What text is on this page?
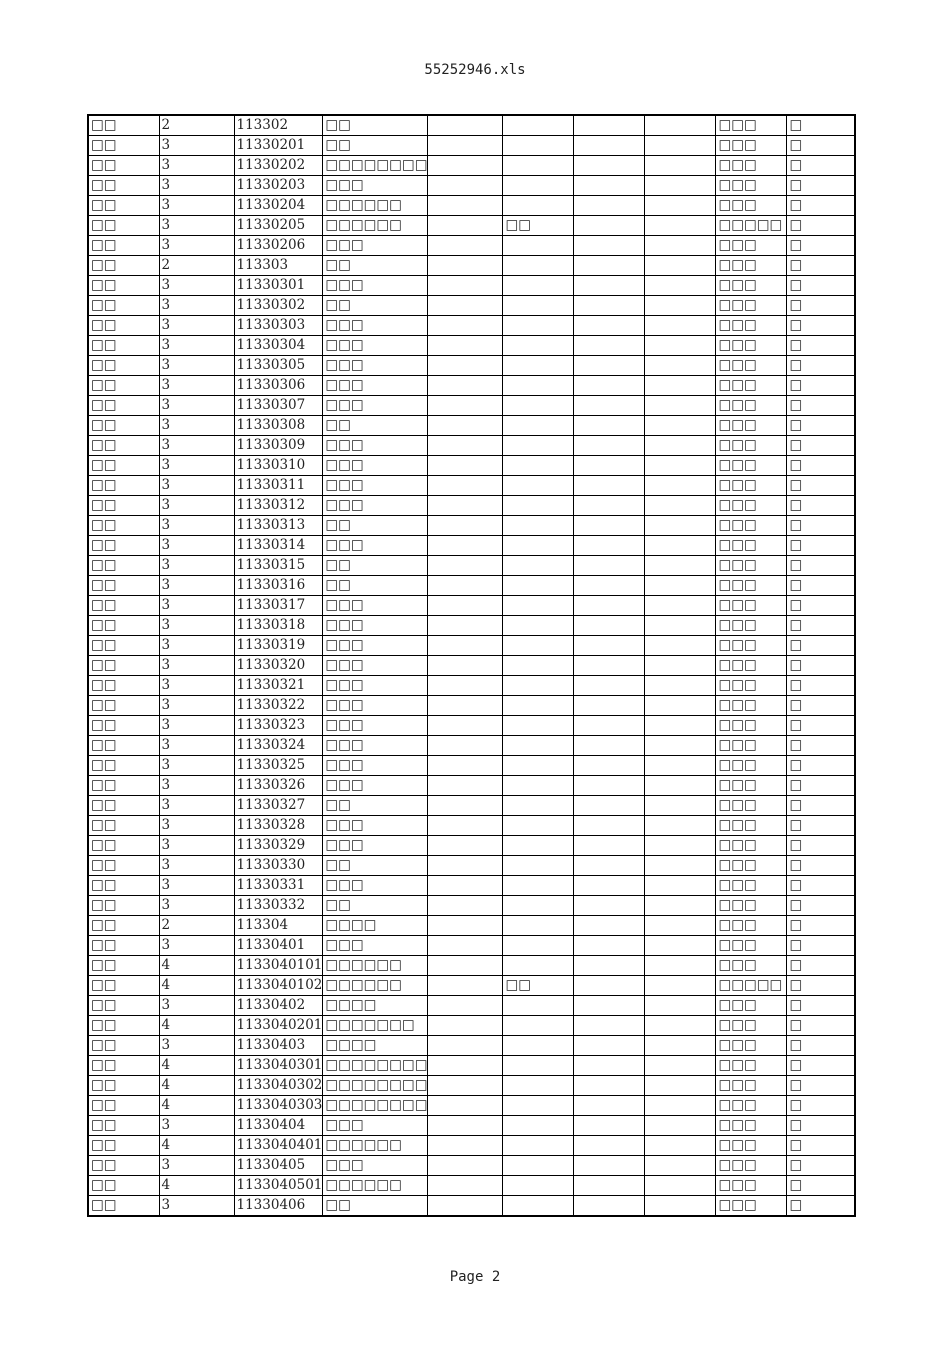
55252946.xls
□□	2	113302	□□					□□□	□
□□	3	11330201	□□					□□□	□
□□	3	11330202	□□□□□□□□					□□□	□
□□	3	11330203	□□□					□□□	□
□□	3	11330204	□□□□□□					□□□	□
□□	3	11330205	□□□□□□		□□			□□□□□	□
□□	3	11330206	□□□					□□□	□
□□	2	113303	□□					□□□	□
□□	3	11330301	□□□					□□□	□
□□	3	11330302	□□					□□□	□
□□	3	11330303	□□□					□□□	□
□□	3	11330304	□□□					□□□	□
□□	3	11330305	□□□					□□□	□
□□	3	11330306	□□□					□□□	□
□□	3	11330307	□□□					□□□	□
□□	3	11330308	□□					□□□	□
□□	3	11330309	□□□					□□□	□
□□	3	11330310	□□□					□□□	□
□□	3	11330311	□□□					□□□	□
□□	3	11330312	□□□					□□□	□
□□	3	11330313	□□					□□□	□
□□	3	11330314	□□□					□□□	□
□□	3	11330315	□□					□□□	□
□□	3	11330316	□□					□□□	□
□□	3	11330317	□□□					□□□	□
□□	3	11330318	□□□					□□□	□
□□	3	11330319	□□□					□□□	□
□□	3	11330320	□□□					□□□	□
□□	3	11330321	□□□					□□□	□
□□	3	11330322	□□□					□□□	□
□□	3	11330323	□□□					□□□	□
□□	3	11330324	□□□					□□□	□
□□	3	11330325	□□□					□□□	□
□□	3	11330326	□□□					□□□	□
□□	3	11330327	□□					□□□	□
□□	3	11330328	□□□					□□□	□
□□	3	11330329	□□□					□□□	□
□□	3	11330330	□□					□□□	□
□□	3	11330331	□□□					□□□	□
□□	3	11330332	□□					□□□	□
□□	2	113304	□□□□					□□□	□
□□	3	11330401	□□□					□□□	□
□□	4	1133040101	□□□□□□					□□□	□
□□	4	1133040102	□□□□□□		□□			□□□□□	□
□□	3	11330402	□□□□					□□□	□
□□	4	1133040201	□□□□□□□					□□□	□
□□	3	11330403	□□□□					□□□	□
□□	4	1133040301	□□□□□□□□					□□□	□
□□	4	1133040302	□□□□□□□□					□□□	□
□□	4	1133040303	□□□□□□□□					□□□	□
□□	3	11330404	□□□					□□□	□
□□	4	1133040401	□□□□□□					□□□	□
□□	3	11330405	□□□					□□□	□
□□	4	1133040501	□□□□□□					□□□	□
□□	3	11330406	□□					□□□	□
Page 2
